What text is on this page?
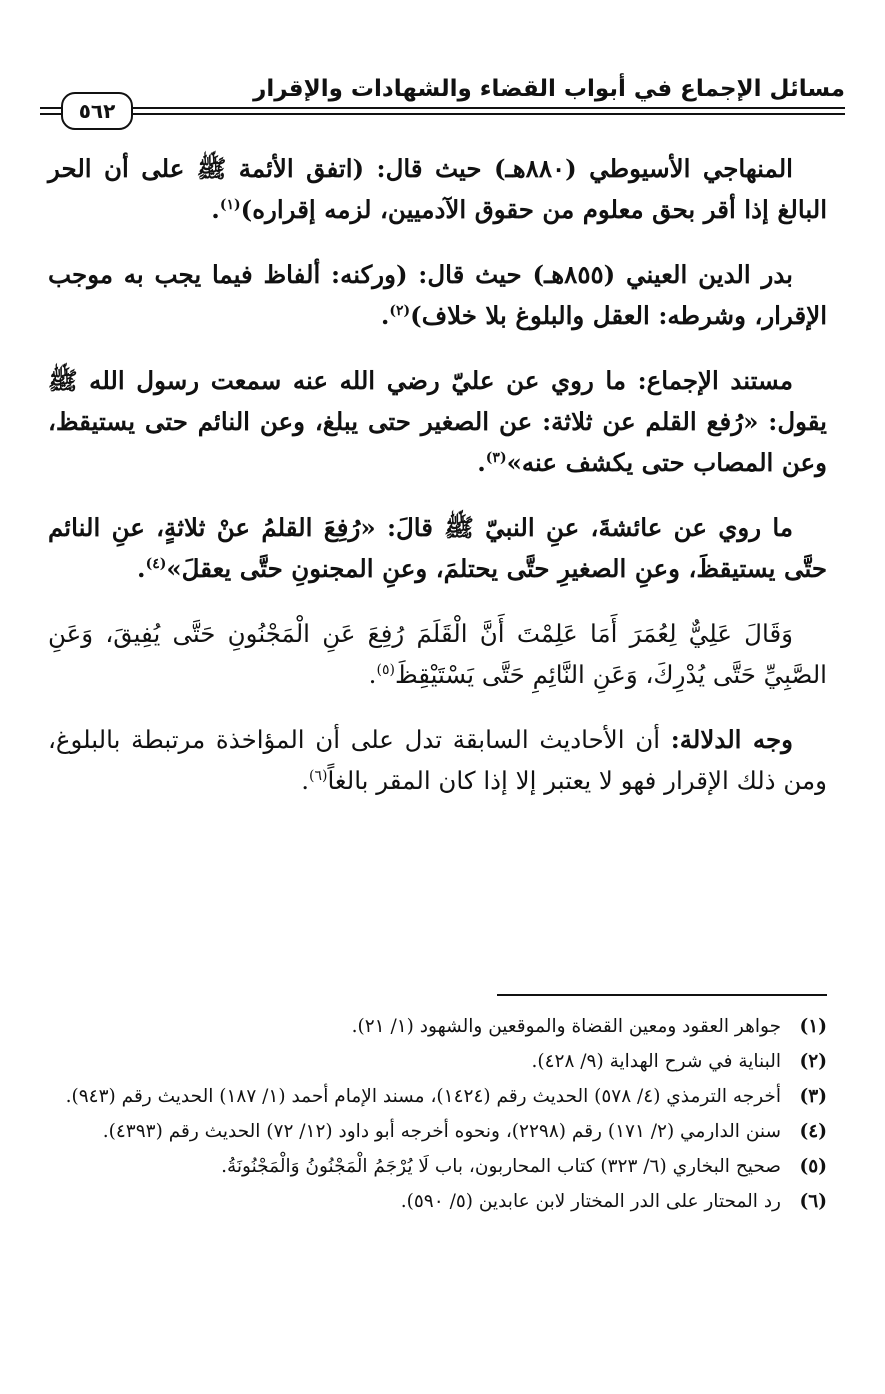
مسائل الإجماع في أبواب القضاء والشهادات والإقرار
٥٦٢

المنهاجي الأسيوطي (٨٨٠هـ) حيث قال: (اتفق الأئمة ﷺ على أن الحر البالغ إذا أقر بحق معلوم من حقوق الآدميين، لزمه إقراره)$^{(١)}$.

بدر الدين العيني (٨٥٥هـ) حيث قال: (وركنه: ألفاظ فيما يجب به موجب الإقرار، وشرطه: العقل والبلوغ بلا خلاف)$^{(٢)}$.

مستند الإجماع: ما روي عن عليّ رضي الله عنه سمعت رسول الله ﷺ يقول: «رُفع القلم عن ثلاثة: عن الصغير حتى يبلغ، وعن النائم حتى يستيقظ، وعن المصاب حتى يكشف عنه»$^{(٣)}$.

ما روي عن عائشةَ، عنِ النبيّ ﷺ قالَ: «رُفِعَ القلمُ عنْ ثلاثةٍ، عنِ النائم حتَّى يستيقظَ، وعنِ الصغيرِ حتَّى يحتلمَ، وعنِ المجنونِ حتَّى يعقلَ»$^{(٤)}$.

وَقَالَ عَلِيٌّ لِعُمَرَ أَمَا عَلِمْتَ أَنَّ الْقَلَمَ رُفِعَ عَنِ الْمَجْنُونِ حَتَّى يُفِيقَ، وَعَنِ الصَّبِيِّ حَتَّى يُدْرِكَ، وَعَنِ النَّائِمِ حَتَّى يَسْتَيْقِظَ$^{(٥)}$.

وجه الدلالة: أن الأحاديث السابقة تدل على أن المؤاخذة مرتبطة بالبلوغ، ومن ذلك الإقرار فهو لا يعتبر إلا إذا كان المقر بالغاً$^{(٦)}$.

(١)
جواهر العقود ومعين القضاة والموقعين والشهود (١/ ٢١).
(٢)
البناية في شرح الهداية (٩/ ٤٢٨).
(٣)
أخرجه الترمذي (٤/ ٥٧٨) الحديث رقم (١٤٢٤)، مسند الإمام أحمد (١/ ١٨٧) الحديث رقم (٩٤٣).
(٤)
سنن الدارمي (٢/ ١٧١) رقم (٢٢٩٨)، ونحوه أخرجه أبو داود (١٢/ ٧٢) الحديث رقم (٤٣٩٣).
(٥)
صحيح البخاري (٦/ ٣٢٣) كتاب المحاربون، باب لَا يُرْجَمُ الْمَجْنُونُ وَالْمَجْنُونَةُ.
(٦)
رد المحتار على الدر المختار لابن عابدين (٥/ ٥٩٠).
